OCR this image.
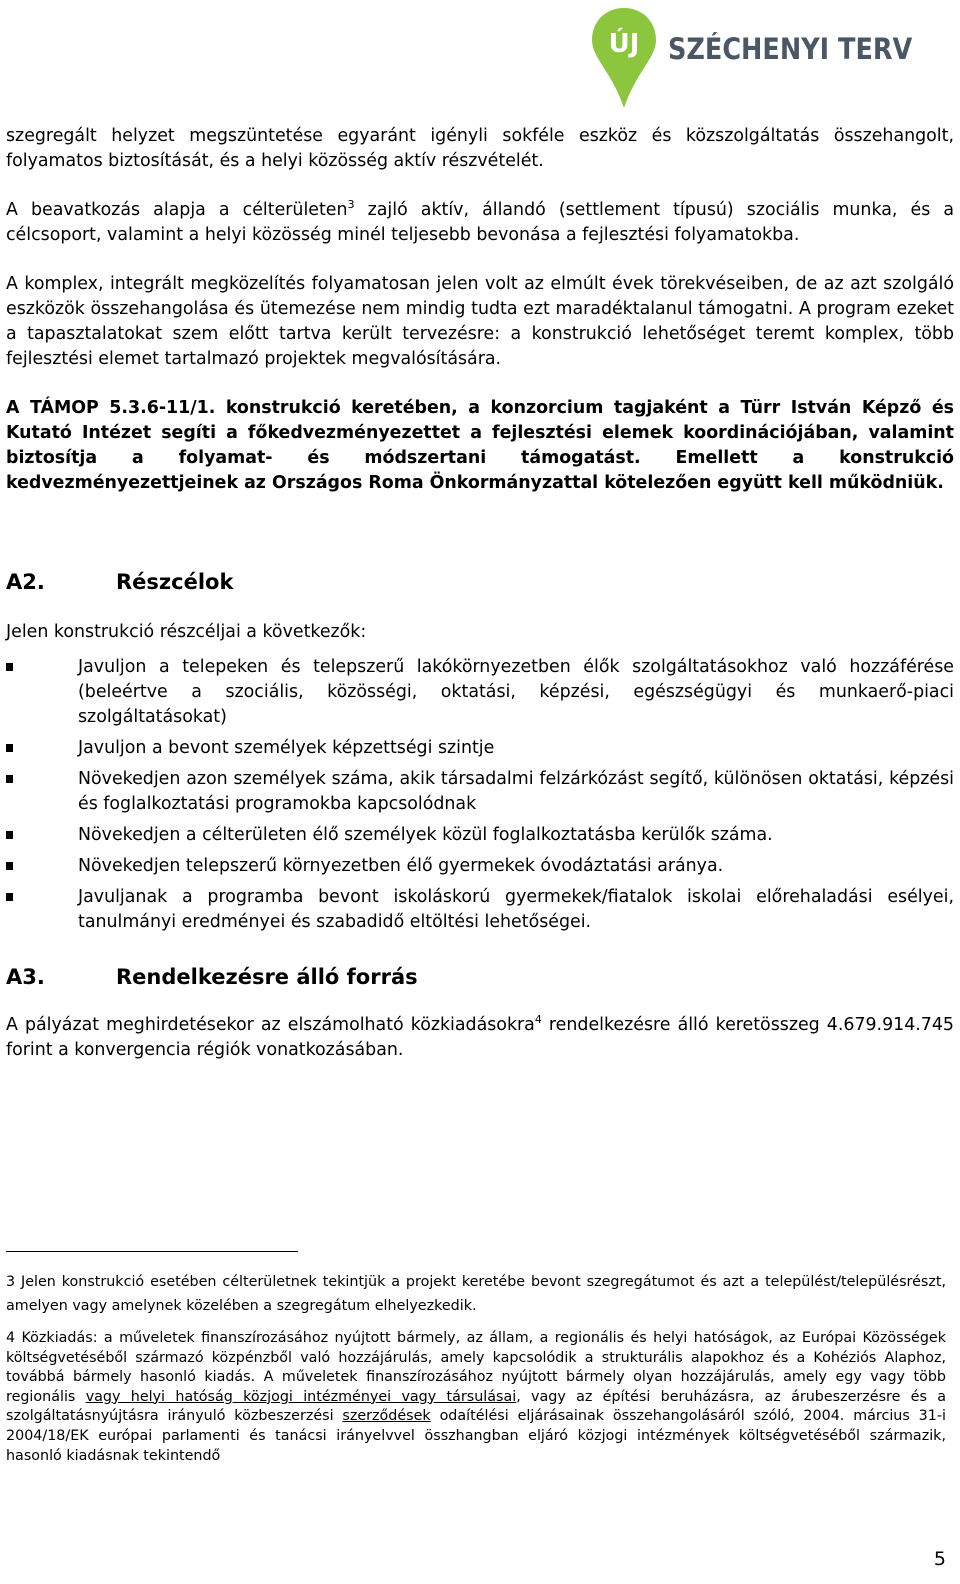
ÚJ SZÉCHENYI TERV

szegregált helyzet megszüntetése egyaránt igényli sokféle eszköz és közszolgáltatás összehangolt, folyamatos biztosítását, és a helyi közösség aktív részvételét.

A beavatkozás alapja a célterületen$^3$ zajló aktív, állandó (settlement típusú) szociális munka, és a célcsoport, valamint a helyi közösség minél teljesebb bevonása a fejlesztési folyamatokba.

A komplex, integrált megközelítés folyamatosan jelen volt az elmúlt évek törekvéseiben, de az azt szolgáló eszközök összehangolása és ütemezése nem mindig tudta ezt maradéktalanul támogatni. A program ezeket a tapasztalatokat szem előtt tartva került tervezésre: a konstrukció lehetőséget teremt komplex, több fejlesztési elemet tartalmazó projektek megvalósítására.

A TÁMOP 5.3.6-11/1. konstrukció keretében, a konzorcium tagjaként a Türr István Képző és Kutató Intézet segíti a főkedvezményezettet a fejlesztési elemek koordinációjában, valamint biztosítja a folyamat- és módszertani támogatást. Emellett a konstrukció kedvezményezettjeinek az Országos Roma Önkormányzattal kötelezően együtt kell működniük.

A2.	Részcélok

Jelen konstrukció részcéljai a következők:

Javuljon a telepeken és telepszerű lakókörnyezetben élők szolgáltatásokhoz való hozzáférése (beleértve a szociális, közösségi, oktatási, képzési, egészségügyi és munkaerő-piaci szolgáltatásokat)
Javuljon a bevont személyek képzettségi szintje
Növekedjen azon személyek száma, akik társadalmi felzárkózást segítő, különösen oktatási, képzési és foglalkoztatási programokba kapcsolódnak
Növekedjen a célterületen élő személyek közül foglalkoztatásba kerülők száma.
Növekedjen telepszerű környezetben élő gyermekek óvodáztatási aránya.
Javuljanak a programba bevont iskoláskorú gyermekek/fiatalok iskolai előrehaladási esélyei, tanulmányi eredményei és szabadidő eltöltési lehetőségei.
A3.	Rendelkezésre álló forrás

A pályázat meghirdetésekor az elszámolható közkiadásokra$^4$ rendelkezésre álló keretösszeg 4.679.914.745 forint a konvergencia régiók vonatkozásában.

3 Jelen konstrukció esetében célterületnek tekintjük a projekt keretébe bevont szegregátumot és azt a települést/településrészt, amelyen vagy amelynek közelében a szegregátum elhelyezkedik.

4 Közkiadás: a műveletek finanszírozásához nyújtott bármely, az állam, a regionális és helyi hatóságok, az Európai Közösségek költségvetéséből származó közpénzből való hozzájárulás, amely kapcsolódik a strukturális alapokhoz és a Kohéziós Alaphoz, továbbá bármely hasonló kiadás. A műveletek finanszírozásához nyújtott bármely olyan hozzájárulás, amely egy vagy több regionális vagy helyi hatóság közjogi intézményei vagy társulásai, vagy az építési beruházásra, az árubeszerzésre és a szolgáltatásnyújtásra irányuló közbeszerzési szerződések odaítélési eljárásainak összehangolásáról szóló, 2004. március 31-i 2004/18/EK európai parlamenti és tanácsi irányelvvel összhangban eljáró közjogi intézmények költségvetéséből származik, hasonló kiadásnak tekintendő

5
